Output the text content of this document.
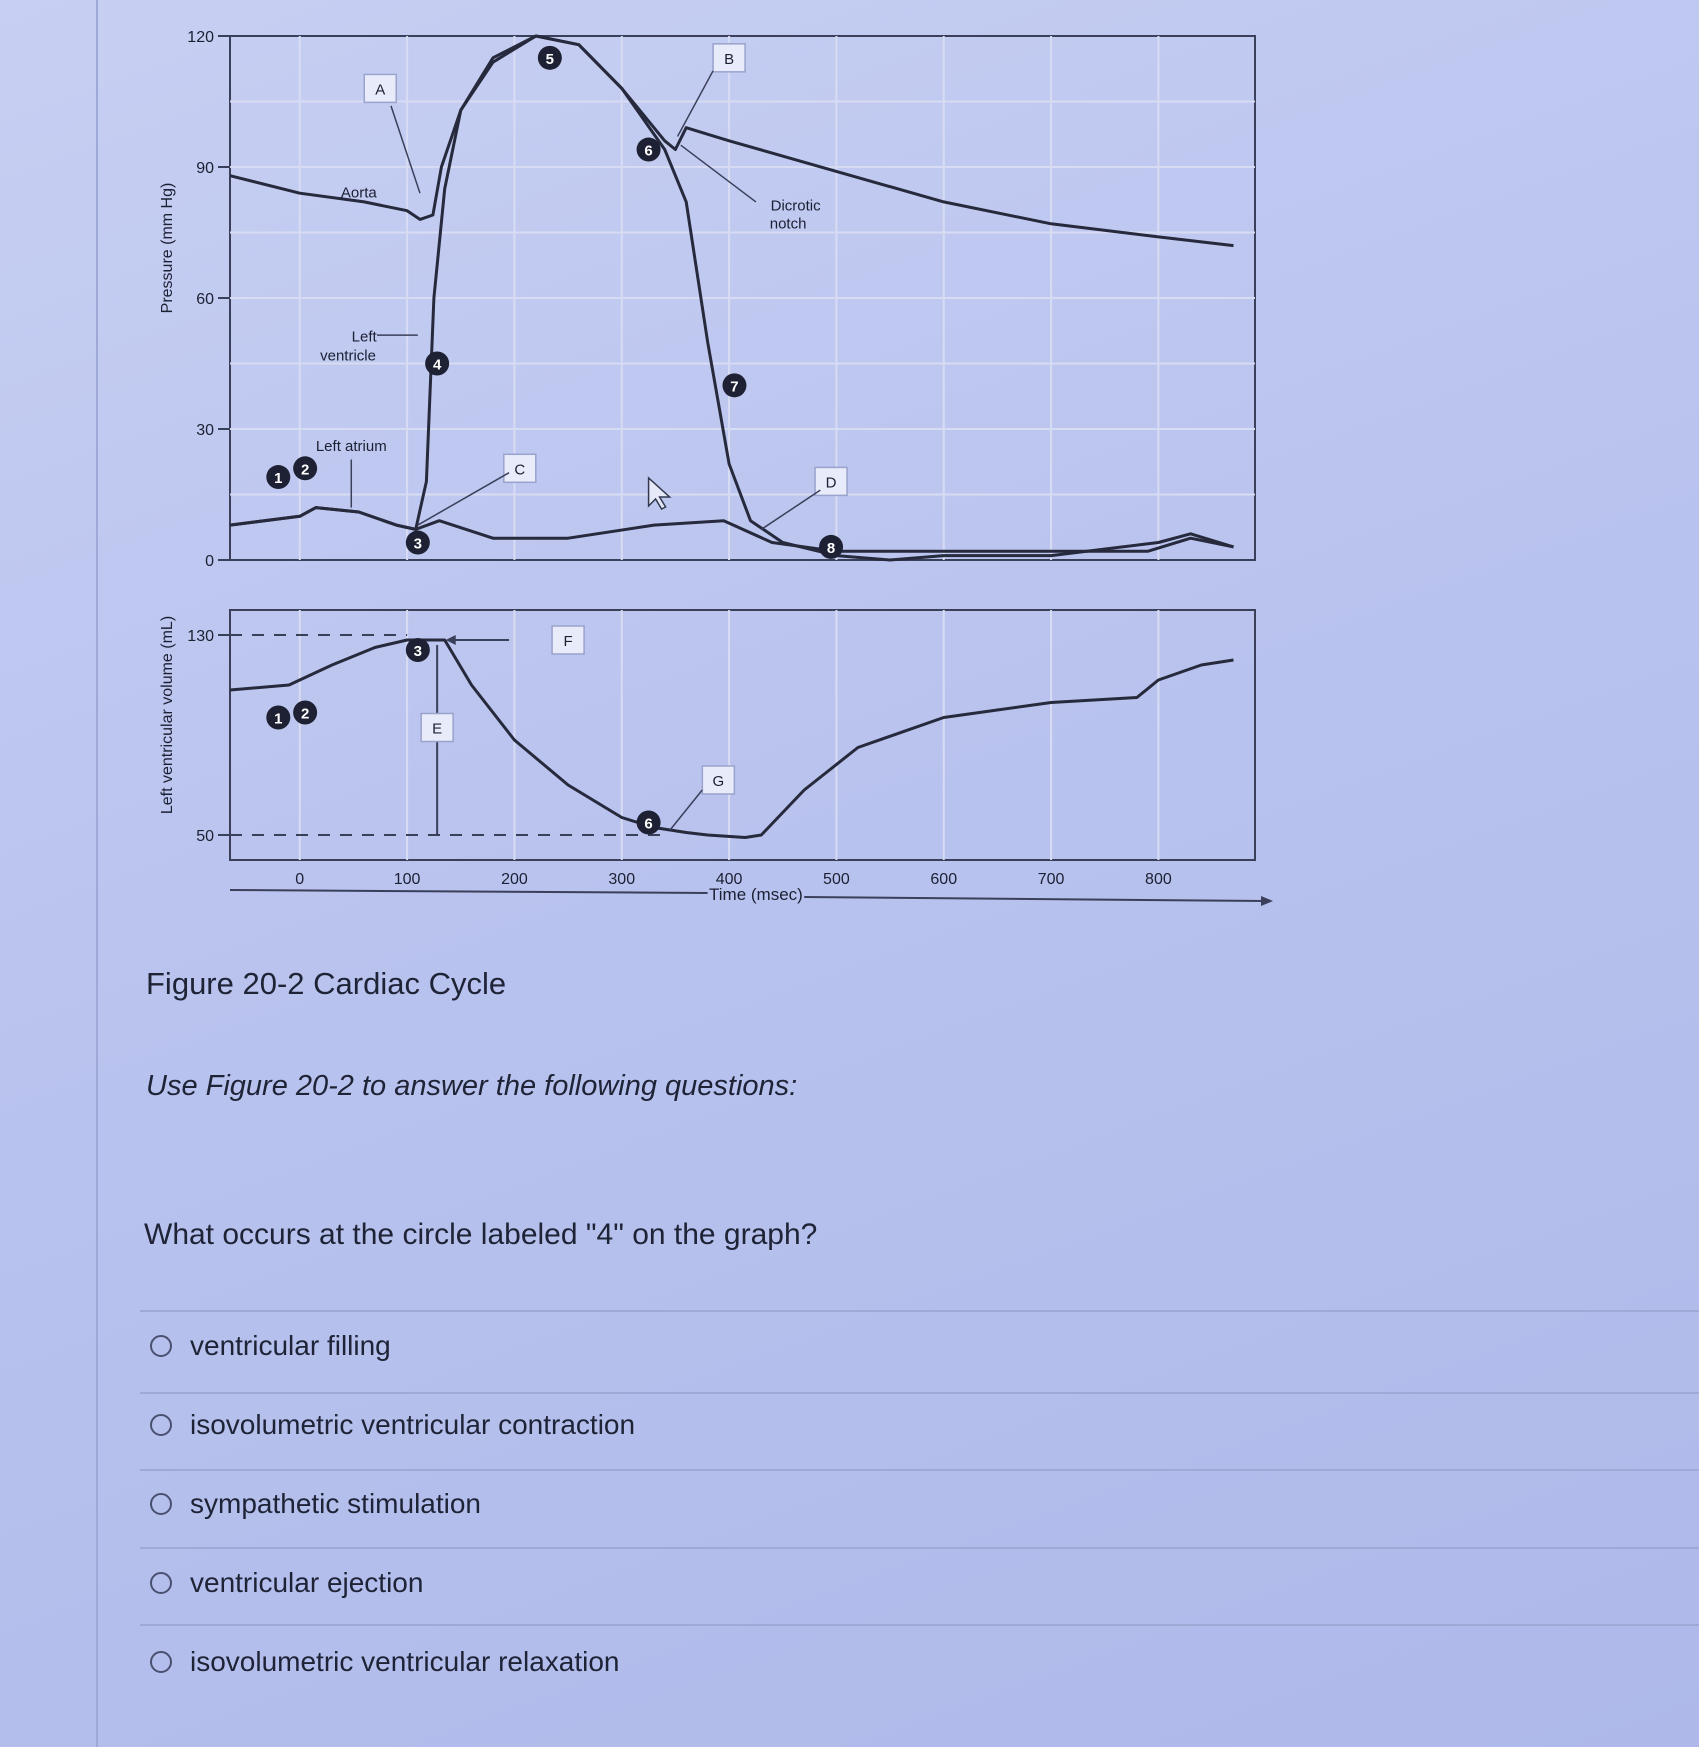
120
90
60
30
0
130
50
Pressure (mm Hg)
Left ventricular volume (mL)
0	100	200	300	400	500	600	700	800
Time (msec)
1
2
3
4
5
6
7
8
1 2
3
6
A
B
C
D
E
F
G
Aorta
Left ventricle
Left atrium
Dicrotic notch
Figure 20-2 Cardiac Cycle
Use Figure 20-2 to answer the following questions:
What occurs at the circle labeled "4" on the graph?
ventricular filling
isovolumetric ventricular contraction
sympathetic stimulation
ventricular ejection
isovolumetric ventricular relaxation
